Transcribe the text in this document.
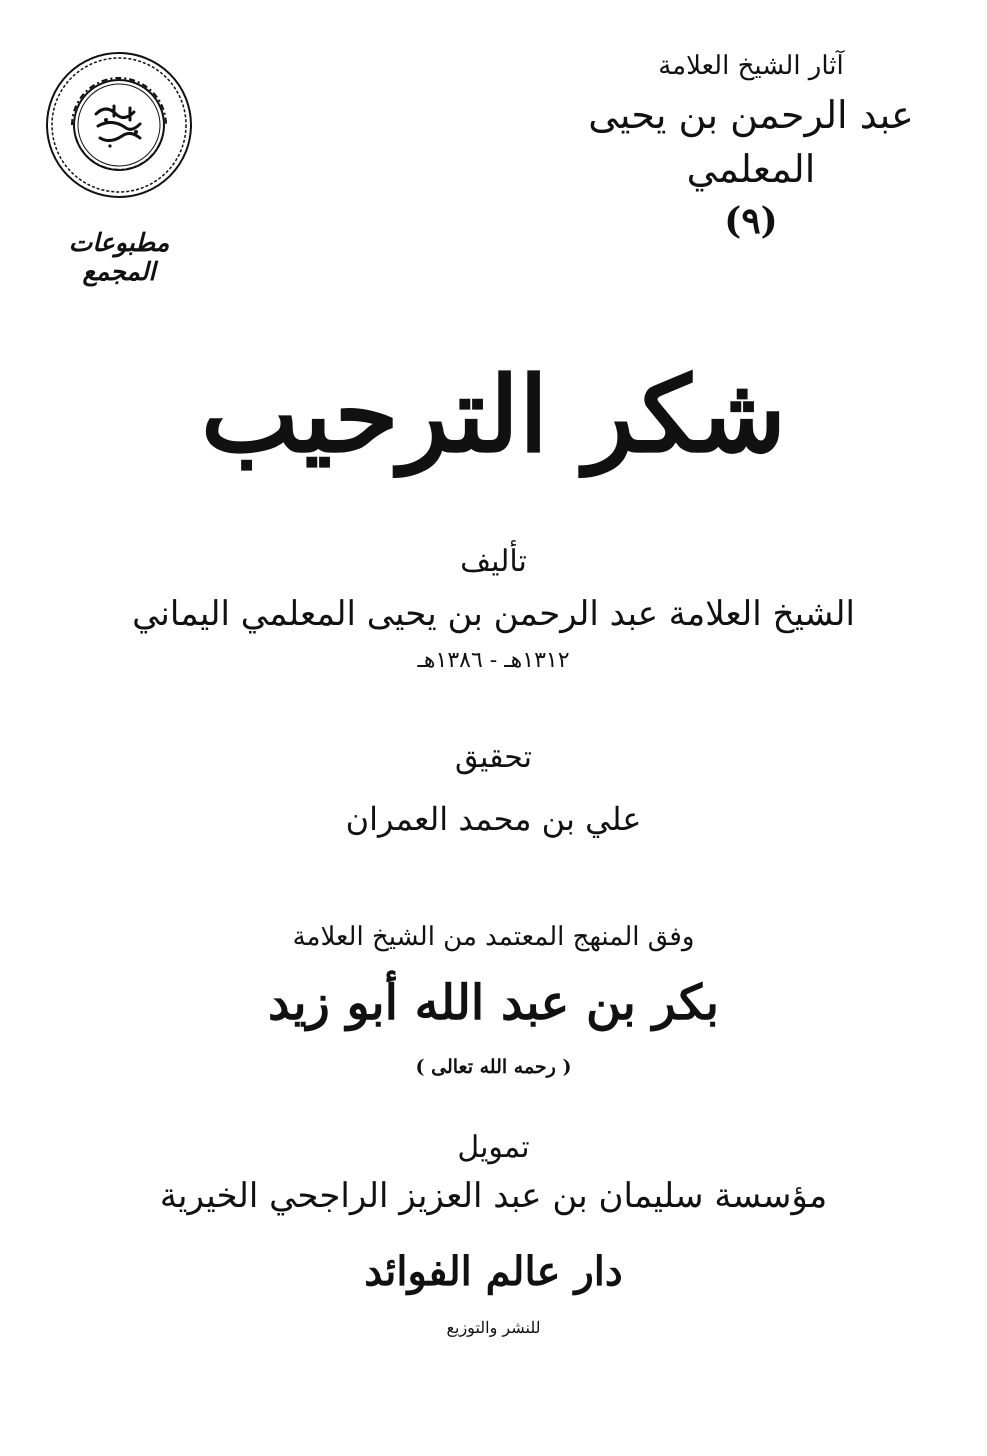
آثار الشيخ العلامة
عبد الرحمن بن يحيى المعلمي
(٩)
مطبوعات المجمع
شكر الترحيب
تأليف
الشيخ العلامة عبد الرحمن بن يحيى المعلمي اليماني
١٣١٢هـ - ١٣٨٦هـ
تحقيق
علي بن محمد العمران
وفق المنهج المعتمد من الشيخ العلامة
بكر بن عبد الله أبو زيد
( رحمه الله تعالى )
تمويل
مؤسسة سليمان بن عبد العزيز الراجحي الخيرية
دار عالم الفوائد
للنشر والتوزيع
